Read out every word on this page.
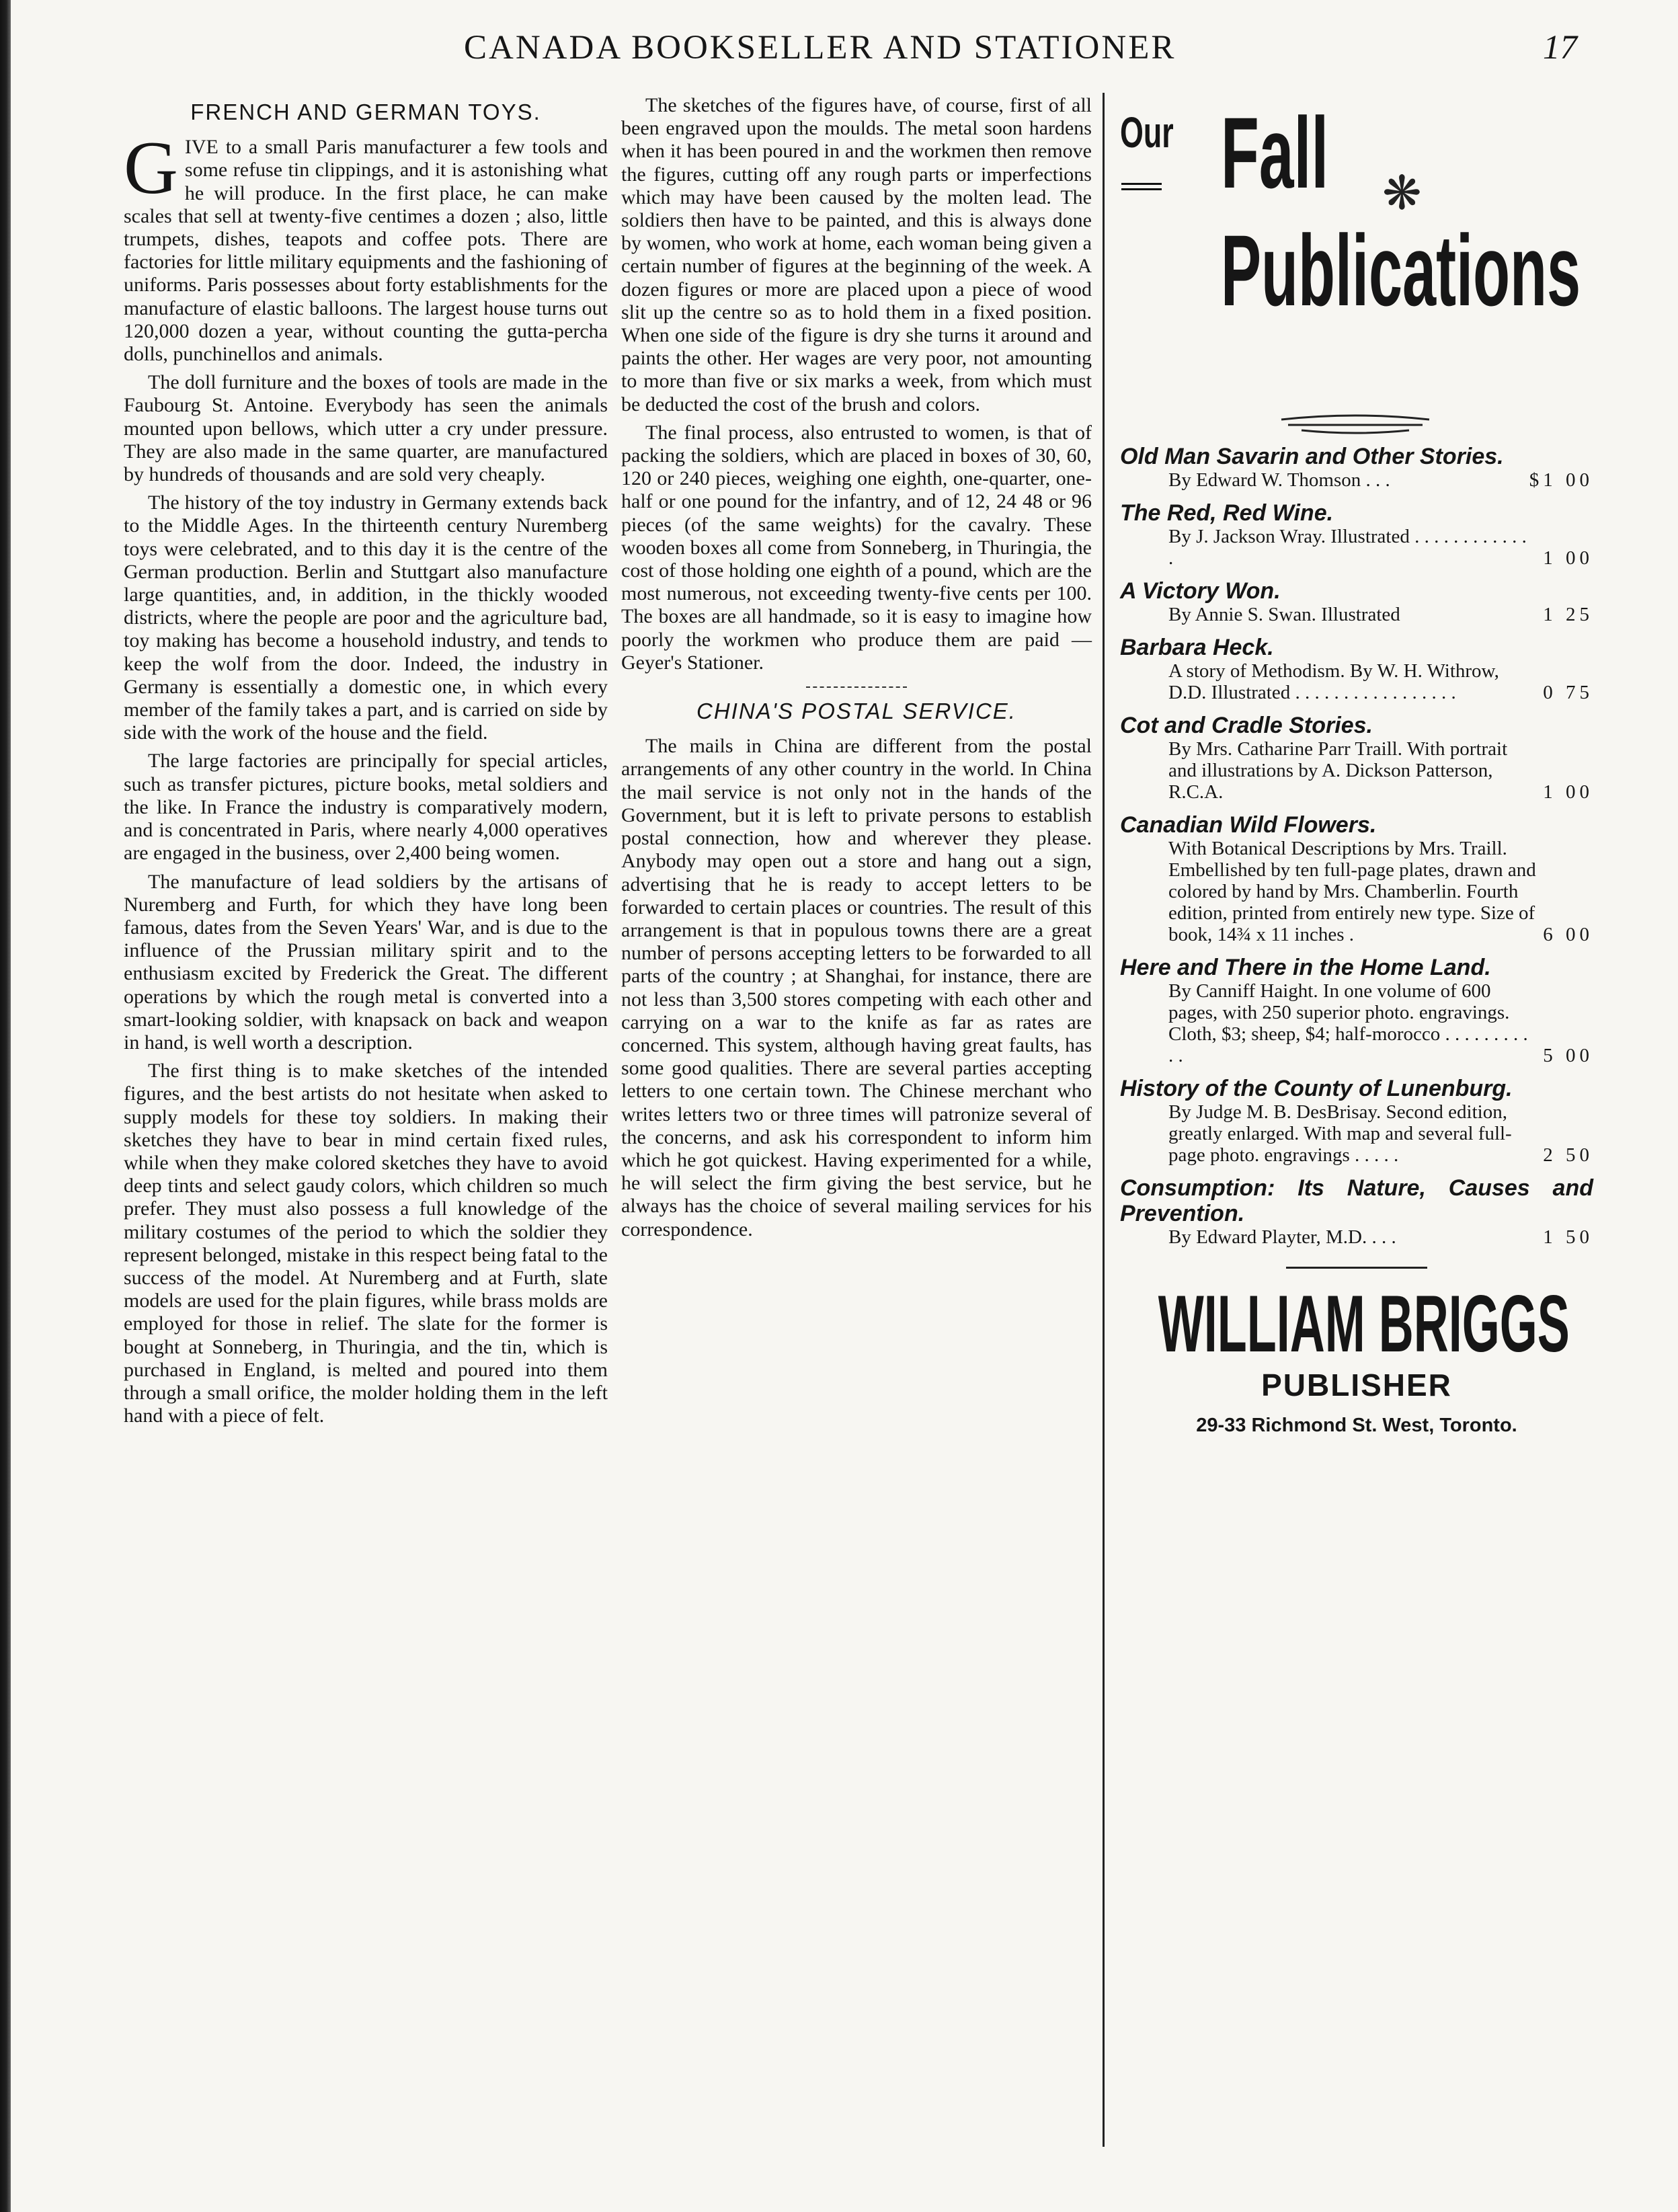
CANADA BOOKSELLER AND STATIONER	17
FRENCH AND GERMAN TOYS.

GIVE to a small Paris manufacturer a few tools and some refuse tin clippings, and it is astonishing what he will produce. In the first place, he can make scales that sell at twenty-five centimes a dozen ; also, little trumpets, dishes, teapots and coffee pots. There are factories for little military equipments and the fashioning of uniforms. Paris possesses about forty establishments for the manufacture of elastic balloons. The largest house turns out 120,000 dozen a year, without counting the gutta-percha dolls, punchinellos and animals.

The doll furniture and the boxes of tools are made in the Faubourg St. Antoine. Everybody has seen the animals mounted upon bellows, which utter a cry under pressure. They are also made in the same quarter, are manufactured by hundreds of thousands and are sold very cheaply.

The history of the toy industry in Germany extends back to the Middle Ages. In the thirteenth century Nuremberg toys were celebrated, and to this day it is the centre of the German production. Berlin and Stuttgart also manufacture large quantities, and, in addition, in the thickly wooded districts, where the people are poor and the agriculture bad, toy making has become a household industry, and tends to keep the wolf from the door. Indeed, the industry in Germany is essentially a domestic one, in which every member of the family takes a part, and is carried on side by side with the work of the house and the field.

The large factories are principally for special articles, such as transfer pictures, picture books, metal soldiers and the like. In France the industry is comparatively modern, and is concentrated in Paris, where nearly 4,000 operatives are engaged in the business, over 2,400 being women.

The manufacture of lead soldiers by the artisans of Nuremberg and Furth, for which they have long been famous, dates from the Seven Years' War, and is due to the influence of the Prussian military spirit and to the enthusiasm excited by Frederick the Great. The different operations by which the rough metal is converted into a smart-looking soldier, with knapsack on back and weapon in hand, is well worth a description.

The first thing is to make sketches of the intended figures, and the best artists do not hesitate when asked to supply models for these toy soldiers. In making their sketches they have to bear in mind certain fixed rules, while when they make colored sketches they have to avoid deep tints and select gaudy colors, which children so much prefer. They must also possess a full knowledge of the military costumes of the period to which the soldier they represent belonged, mistake in this respect being fatal to the success of the model. At Nuremberg and at Furth, slate models are used for the plain figures, while brass molds are employed for those in relief. The slate for the former is bought at Sonneberg, in Thuringia, and the tin, which is purchased in England, is melted and poured into them through a small orifice, the molder holding them in the left hand with a piece of felt.

The sketches of the figures have, of course, first of all been engraved upon the moulds. The metal soon hardens when it has been poured in and the workmen then remove the figures, cutting off any rough parts or imperfections which may have been caused by the molten lead. The soldiers then have to be painted, and this is always done by women, who work at home, each woman being given a certain number of figures at the beginning of the week. A dozen figures or more are placed upon a piece of wood slit up the centre so as to hold them in a fixed position. When one side of the figure is dry she turns it around and paints the other. Her wages are very poor, not amounting to more than five or six marks a week, from which must be deducted the cost of the brush and colors.

The final process, also entrusted to women, is that of packing the soldiers, which are placed in boxes of 30, 60, 120 or 240 pieces, weighing one eighth, one-quarter, one-half or one pound for the infantry, and of 12, 24 48 or 96 pieces (of the same weights) for the cavalry. These wooden boxes all come from Sonneberg, in Thuringia, the cost of those holding one eighth of a pound, which are the most numerous, not exceeding twenty-five cents per 100. The boxes are all handmade, so it is easy to imagine how poorly the workmen who produce them are paid — Geyer's Stationer.

CHINA'S POSTAL SERVICE.

The mails in China are different from the postal arrangements of any other country in the world. In China the mail service is not only not in the hands of the Government, but it is left to private persons to establish postal connection, how and wherever they please. Anybody may open out a store and hang out a sign, advertising that he is ready to accept letters to be forwarded to certain places or countries. The result of this arrangement is that in populous towns there are a great number of persons accepting letters to be forwarded to all parts of the country ; at Shanghai, for instance, there are not less than 3,500 stores competing with each other and carrying on a war to the knife as far as rates are concerned. This system, although having great faults, has some good qualities. There are several parties accepting letters to one certain town. The Chinese merchant who writes letters two or three times will patronize several of the concerns, and ask his correspondent to inform him which he got quickest. Having experimented for a while, he will select the firm giving the best service, but he always has the choice of several mailing services for his correspondence.

Our Fall ❋
Publications
Old Man Savarin and Other Stories.
By Edward W. Thomson . . .	$1 00
The Red, Red Wine.
By J. Jackson Wray. Illustrated . . . . . . . . . . . . .	1 00
A Victory Won.
By Annie S. Swan. Illustrated	1 25
Barbara Heck.
A story of Methodism. By W. H. Withrow, D.D. Illustrated . . . . . . . . . . . . . . . . .	0 75
Cot and Cradle Stories.
By Mrs. Catharine Parr Traill. With portrait and illustrations by A. Dickson Patterson, R.C.A.	1 00
Canadian Wild Flowers.
With Botanical Descriptions by Mrs. Traill. Embellished by ten full-page plates, drawn and colored by hand by Mrs. Chamberlin. Fourth edition, printed from entirely new type. Size of book, 14¾ x 11 inches .	6 00
Here and There in the Home Land.
By Canniff Haight. In one volume of 600 pages, with 250 superior photo. engravings. Cloth, $3; sheep, $4; half-morocco . . . . . . . . . . .	5 00
History of the County of Lunenburg.
By Judge M. B. DesBrisay. Second edition, greatly enlarged. With map and several full-page photo. engravings . . . . .	2 50
Consumption: Its Nature, Causes and Prevention.
By Edward Playter, M.D. . . .	1 50
WILLIAM BRIGGS
PUBLISHER
29-33 Richmond St. West, Toronto.
